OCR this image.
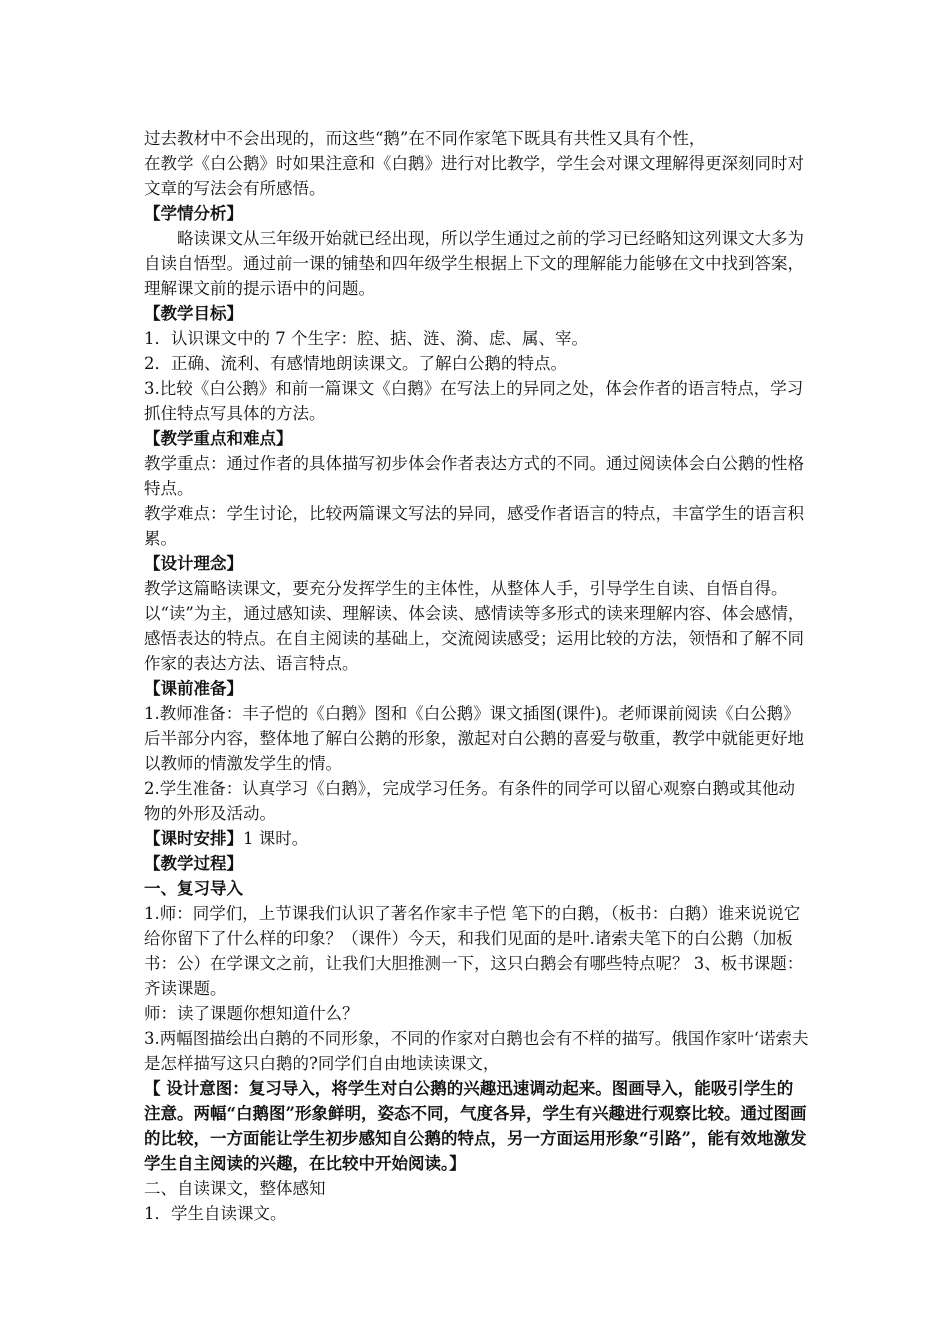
过去教材中不会出现的，而这些“鹅”在不同作家笔下既具有共性又具有个性，

在教学《白公鹅》时如果注意和《白鹅》进行对比教学，学生会对课文理解得更深刻同时对文章的写法会有所感悟。

【学情分析】

略读课文从三年级开始就已经出现，所以学生通过之前的学习已经略知这列课文大多为自读自悟型。通过前一课的铺垫和四年级学生根据上下文的理解能力能够在文中找到答案，理解课文前的提示语中的问题。

【教学目标】

1．认识课文中的 7 个生字：腔、掂、涟、漪、虑、属、宰。

2．正确、流利、有感情地朗读课文。了解白公鹅的特点。

3.比较《白公鹅》和前一篇课文《白鹅》在写法上的异同之处，体会作者的语言特点，学习抓住特点写具体的方法。

【教学重点和难点】

教学重点：通过作者的具体描写初步体会作者表达方式的不同。通过阅读体会白公鹅的性格特点。

教学难点：学生讨论，比较两篇课文写法的异同，感受作者语言的特点，丰富学生的语言积累。

【设计理念】

教学这篇略读课文，要充分发挥学生的主体性，从整体人手，引导学生自读、自悟自得。以“读”为主，通过感知读、理解读、体会读、感情读等多形式的读来理解内容、体会感情，感悟表达的特点。在自主阅读的基础上，交流阅读感受；运用比较的方法，领悟和了解不同作家的表达方法、语言特点。

【课前准备】

1.教师准备：丰子恺的《白鹅》图和《白公鹅》课文插图(课件)。老师课前阅读《白公鹅》后半部分内容，整体地了解白公鹅的形象，激起对白公鹅的喜爱与敬重，教学中就能更好地以教师的情激发学生的情。

2.学生准备：认真学习《白鹅》，完成学习任务。有条件的同学可以留心观察白鹅或其他动物的外形及活动。

【课时安排】1 课时。

【教学过程】

一、复习导入

1.师：同学们，上节课我们认识了著名作家丰子恺 笔下的白鹅，（板书：白鹅）谁来说说它给你留下了什么样的印象？（课件）今天，和我们见面的是叶.诸索夫笔下的白公鹅（加板书：公）在学课文之前，让我们大胆推测一下，这只白鹅会有哪些特点呢？ 3、板书课题：齐读课题。

师：读了课题你想知道什么？

3.两幅图描绘出白鹅的不同形象，不同的作家对白鹅也会有不样的描写。俄国作家叶‘诺索夫是怎样描写这只白鹅的?同学们自由地读读课文，

【 设计意图：复习导入，将学生对白公鹅的兴趣迅速调动起来。图画导入，能吸引学生的注意。两幅“白鹅图”形象鲜明，姿态不同，气度各异，学生有兴趣进行观察比较。通过图画的比较，一方面能让学生初步感知自公鹅的特点，另一方面运用形象“引路”，能有效地激发学生自主阅读的兴趣，在比较中开始阅读。】

二、自读课文，整体感知

1．学生自读课文。
